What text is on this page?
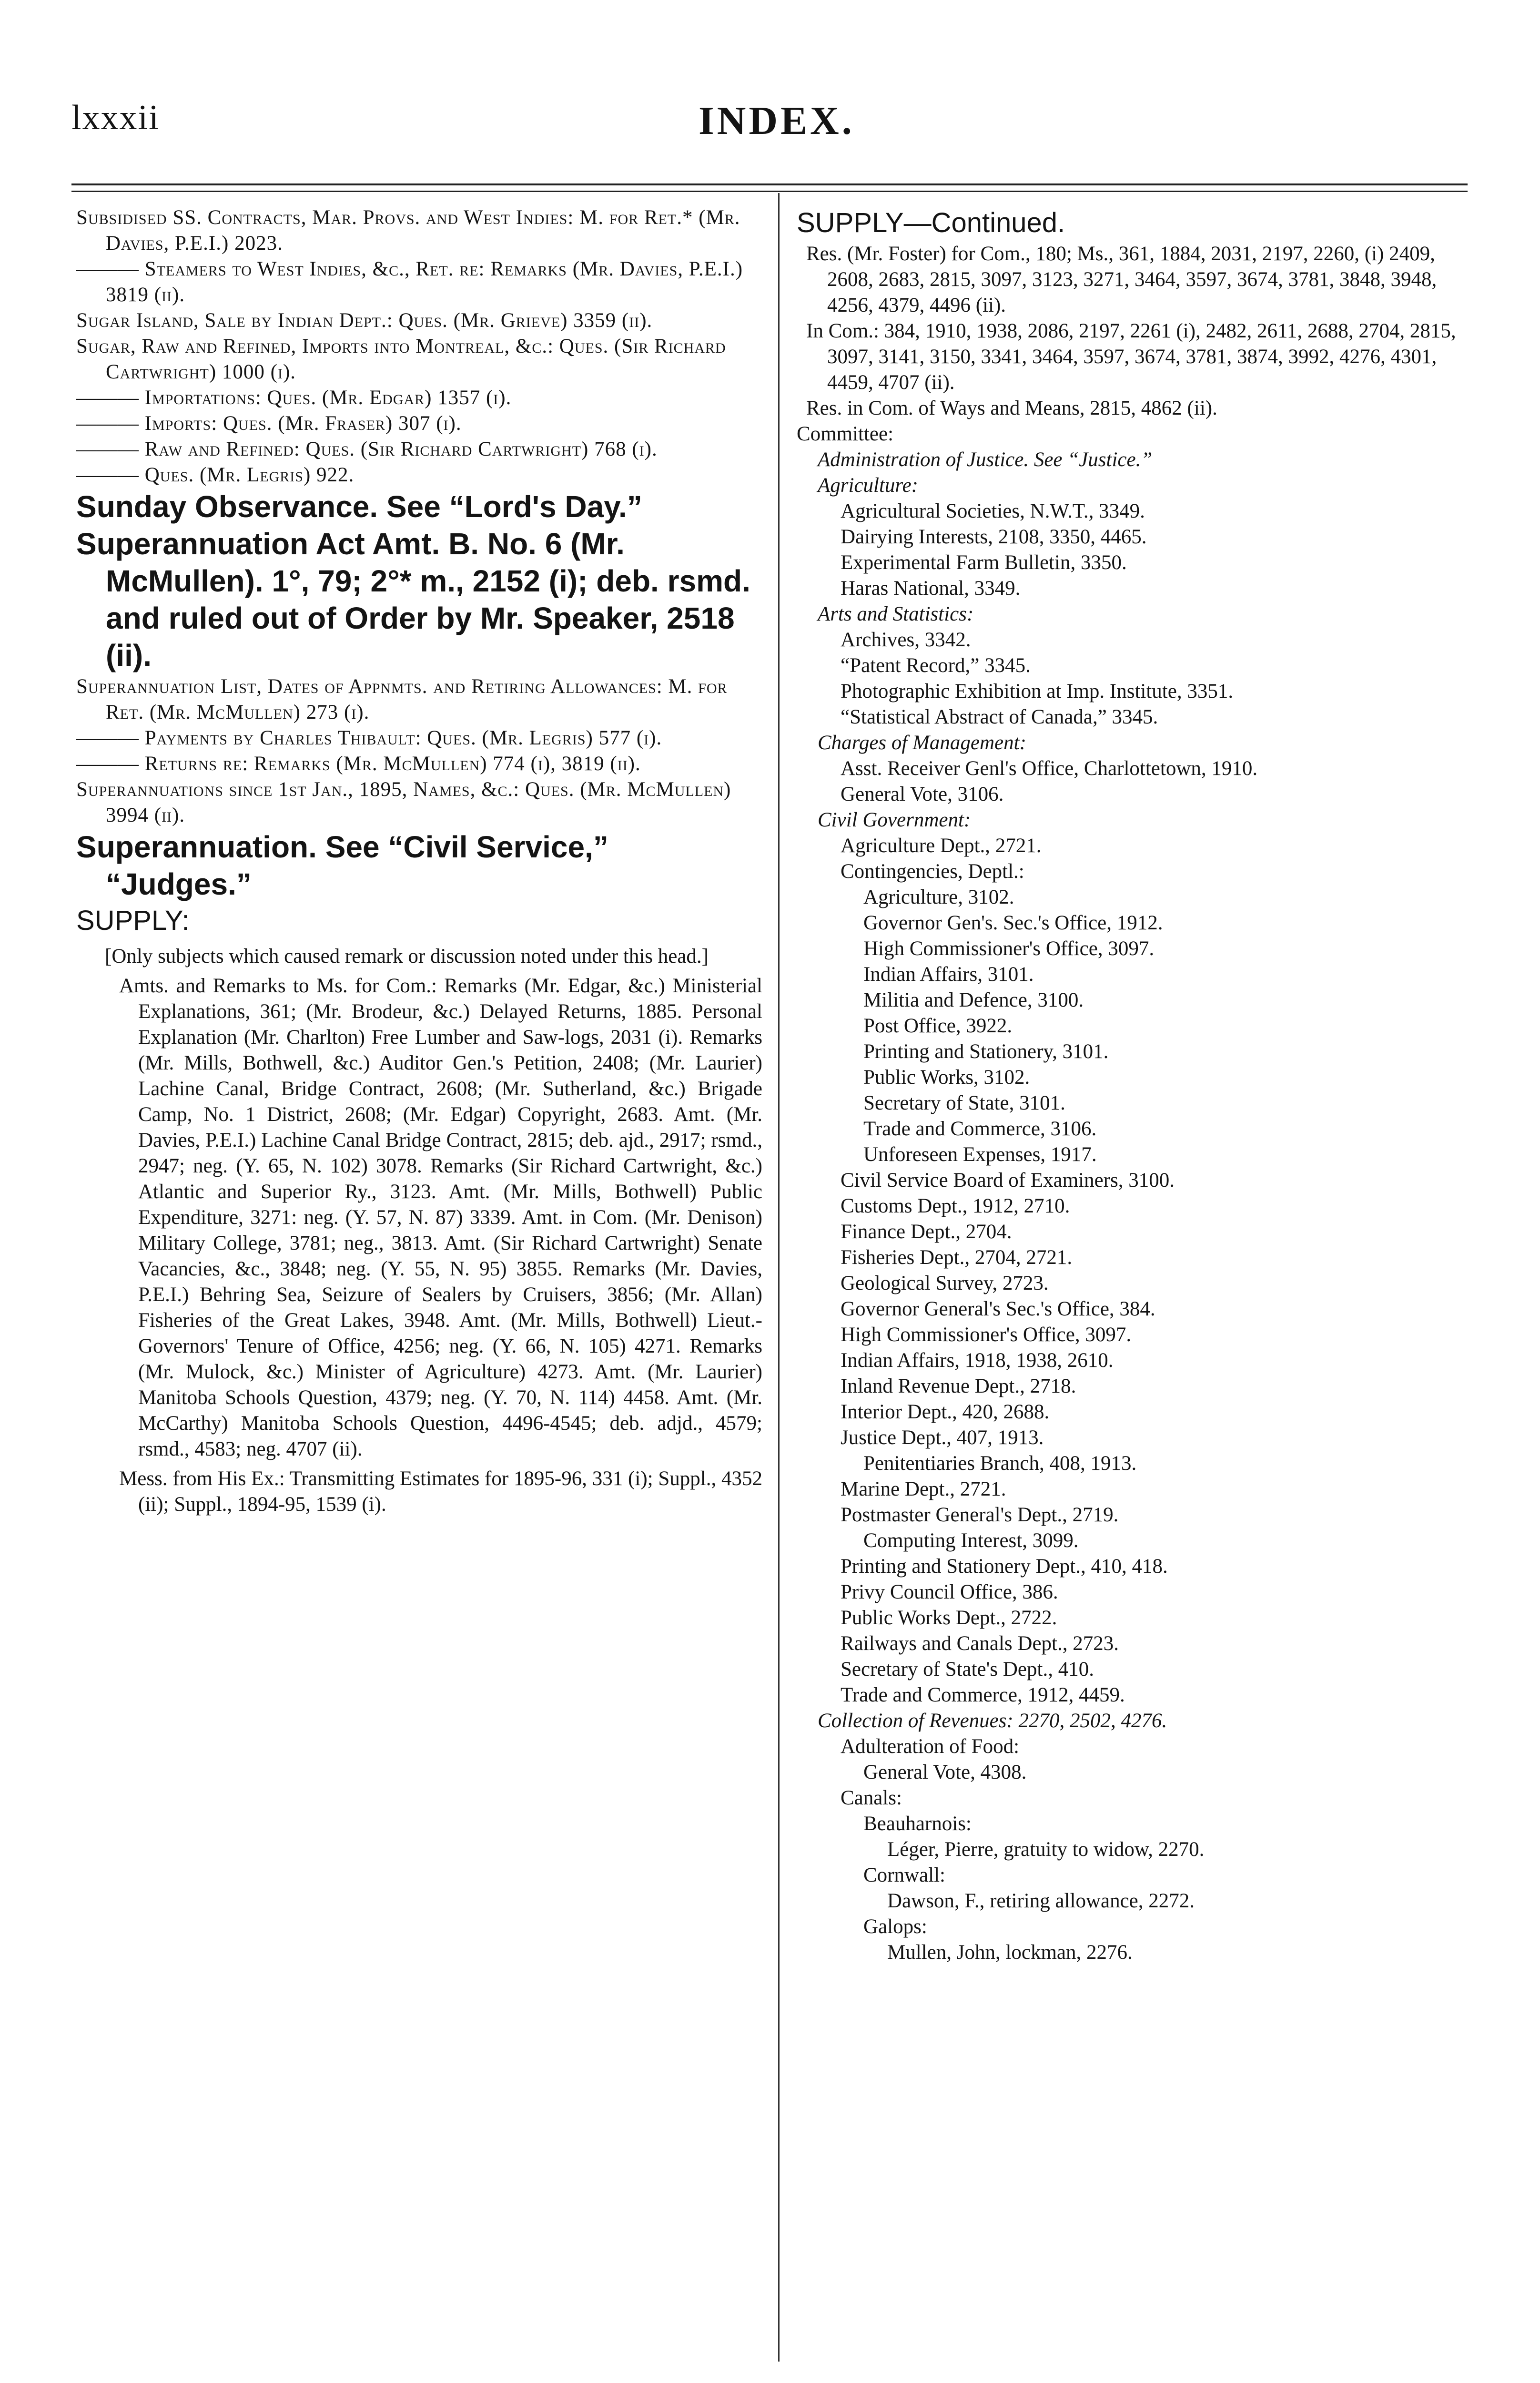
lxxxii	INDEX.

Subsidised SS. Contracts, Mar. Provs. and West Indies: M. for Ret.* (Mr. Davies, P.E.I.) 2023.

——— Steamers to West Indies, &c., Ret. re: Remarks (Mr. Davies, P.E.I.) 3819 (ii).

Sugar Island, Sale by Indian Dept.: Ques. (Mr. Grieve) 3359 (ii).

Sugar, Raw and Refined, Imports into Montreal, &c.: Ques. (Sir Richard Cartwright) 1000 (i).

——— Importations: Ques. (Mr. Edgar) 1357 (i).

——— Imports: Ques. (Mr. Fraser) 307 (i).

——— Raw and Refined: Ques. (Sir Richard Cartwright) 768 (i).

——— Ques. (Mr. Legris) 922.

Sunday Observance. See “Lord's Day.”

Superannuation Act Amt. B. No. 6 (Mr. McMullen). 1°, 79; 2°* m., 2152 (i); deb. rsmd. and ruled out of Order by Mr. Speaker, 2518 (ii).

Superannuation List, Dates of Appnmts. and Retiring Allowances: M. for Ret. (Mr. McMullen) 273 (i).

——— Payments by Charles Thibault: Ques. (Mr. Legris) 577 (i).

——— Returns re: Remarks (Mr. McMullen) 774 (i), 3819 (ii).

Superannuations since 1st Jan., 1895, Names, &c.: Ques. (Mr. McMullen) 3994 (ii).

Superannuation. See “Civil Service,” “Judges.”

SUPPLY:

[Only subjects which caused remark or discussion noted under this head.]

Amts. and Remarks to Ms. for Com.: Remarks (Mr. Edgar, &c.) Ministerial Explanations, 361; (Mr. Brodeur, &c.) Delayed Returns, 1885. Personal Explanation (Mr. Charlton) Free Lumber and Saw-logs, 2031 (i). Remarks (Mr. Mills, Bothwell, &c.) Auditor Gen.'s Petition, 2408; (Mr. Laurier) Lachine Canal, Bridge Contract, 2608; (Mr. Sutherland, &c.) Brigade Camp, No. 1 District, 2608; (Mr. Edgar) Copyright, 2683. Amt. (Mr. Davies, P.E.I.) Lachine Canal Bridge Contract, 2815; deb. ajd., 2917; rsmd., 2947; neg. (Y. 65, N. 102) 3078. Remarks (Sir Richard Cartwright, &c.) Atlantic and Superior Ry., 3123. Amt. (Mr. Mills, Bothwell) Public Expenditure, 3271: neg. (Y. 57, N. 87) 3339. Amt. in Com. (Mr. Denison) Military College, 3781; neg., 3813. Amt. (Sir Richard Cartwright) Senate Vacancies, &c., 3848; neg. (Y. 55, N. 95) 3855. Remarks (Mr. Davies, P.E.I.) Behring Sea, Seizure of Sealers by Cruisers, 3856; (Mr. Allan) Fisheries of the Great Lakes, 3948. Amt. (Mr. Mills, Bothwell) Lieut.-Governors' Tenure of Office, 4256; neg. (Y. 66, N. 105) 4271. Remarks (Mr. Mulock, &c.) Minister of Agriculture) 4273. Amt. (Mr. Laurier) Manitoba Schools Question, 4379; neg. (Y. 70, N. 114) 4458. Amt. (Mr. McCarthy) Manitoba Schools Question, 4496-4545; deb. adjd., 4579; rsmd., 4583; neg. 4707 (ii).

Mess. from His Ex.: Transmitting Estimates for 1895-96, 331 (i); Suppl., 4352 (ii); Suppl., 1894-95, 1539 (i).

SUPPLY—Continued.

Res. (Mr. Foster) for Com., 180; Ms., 361, 1884, 2031, 2197, 2260, (i) 2409, 2608, 2683, 2815, 3097, 3123, 3271, 3464, 3597, 3674, 3781, 3848, 3948, 4256, 4379, 4496 (ii).

In Com.: 384, 1910, 1938, 2086, 2197, 2261 (i), 2482, 2611, 2688, 2704, 2815, 3097, 3141, 3150, 3341, 3464, 3597, 3674, 3781, 3874, 3992, 4276, 4301, 4459, 4707 (ii).

Res. in Com. of Ways and Means, 2815, 4862 (ii).

Committee:

Administration of Justice. See “Justice.”

Agriculture:

Agricultural Societies, N.W.T., 3349.

Dairying Interests, 2108, 3350, 4465.

Experimental Farm Bulletin, 3350.

Haras National, 3349.

Arts and Statistics:

Archives, 3342.

“Patent Record,” 3345.

Photographic Exhibition at Imp. Institute, 3351.

“Statistical Abstract of Canada,” 3345.

Charges of Management:

Asst. Receiver Genl's Office, Charlottetown, 1910.

General Vote, 3106.

Civil Government:

Agriculture Dept., 2721.

Contingencies, Deptl.:

Agriculture, 3102.

Governor Gen's. Sec.'s Office, 1912.

High Commissioner's Office, 3097.

Indian Affairs, 3101.

Militia and Defence, 3100.

Post Office, 3922.

Printing and Stationery, 3101.

Public Works, 3102.

Secretary of State, 3101.

Trade and Commerce, 3106.

Unforeseen Expenses, 1917.

Civil Service Board of Examiners, 3100.

Customs Dept., 1912, 2710.

Finance Dept., 2704.

Fisheries Dept., 2704, 2721.

Geological Survey, 2723.

Governor General's Sec.'s Office, 384.

High Commissioner's Office, 3097.

Indian Affairs, 1918, 1938, 2610.

Inland Revenue Dept., 2718.

Interior Dept., 420, 2688.

Justice Dept., 407, 1913.

Penitentiaries Branch, 408, 1913.

Marine Dept., 2721.

Postmaster General's Dept., 2719.

Computing Interest, 3099.

Printing and Stationery Dept., 410, 418.

Privy Council Office, 386.

Public Works Dept., 2722.

Railways and Canals Dept., 2723.

Secretary of State's Dept., 410.

Trade and Commerce, 1912, 4459.

Collection of Revenues: 2270, 2502, 4276.

Adulteration of Food:

General Vote, 4308.

Canals:

Beauharnois:

Léger, Pierre, gratuity to widow, 2270.

Cornwall:

Dawson, F., retiring allowance, 2272.

Galops:

Mullen, John, lockman, 2276.
